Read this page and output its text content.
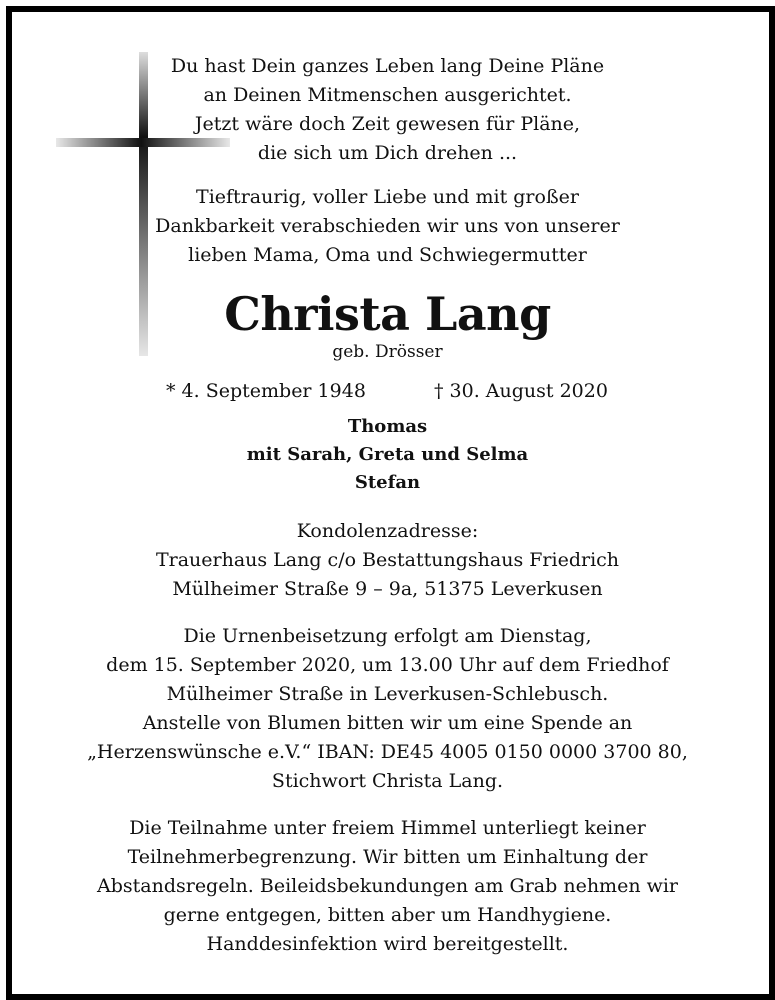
Du hast Dein ganzes Leben lang Deine Pläne
an Deinen Mitmenschen ausgerichtet.
Jetzt wäre doch Zeit gewesen für Pläne,
die sich um Dich drehen ...
Tieftraurig, voller Liebe und mit großer
Dankbarkeit verabschieden wir uns von unserer
lieben Mama, Oma und Schwiegermutter
Christa Lang
geb. Drösser
* 4. September 1948	† 30. August 2020
Thomas
mit Sarah, Greta und Selma
Stefan
Kondolenzadresse:
Trauerhaus Lang c/o Bestattungshaus Friedrich
Mülheimer Straße 9 – 9a, 51375 Leverkusen
Die Urnenbeisetzung erfolgt am Dienstag,
dem 15. September 2020, um 13.00 Uhr auf dem Friedhof
Mülheimer Straße in Leverkusen-Schlebusch.
Anstelle von Blumen bitten wir um eine Spende an
„Herzenswünsche e.V.“ IBAN: DE45 4005 0150 0000 3700 80,
Stichwort Christa Lang.
Die Teilnahme unter freiem Himmel unterliegt keiner
Teilnehmerbegrenzung. Wir bitten um Einhaltung der
Abstandsregeln. Beileidsbekundungen am Grab nehmen wir
gerne entgegen, bitten aber um Handhygiene.
Handdesinfektion wird bereitgestellt.
